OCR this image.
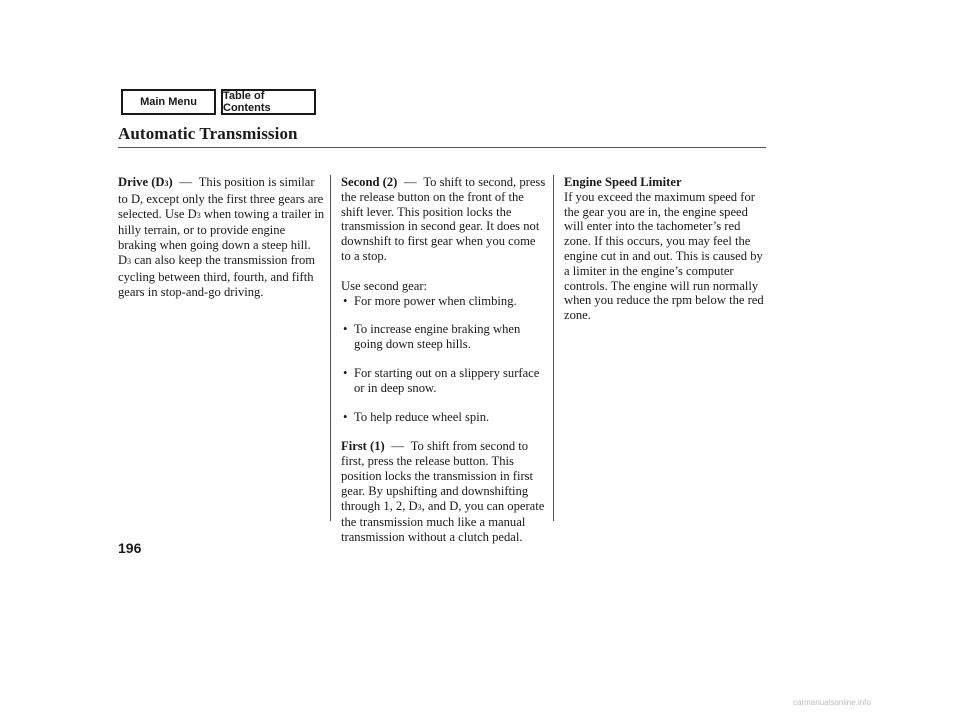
Main Menu	Table of Contents
Automatic Transmission

Drive (D3) — This position is similar to D, except only the first three gears are selected. Use D3 when towing a trailer in hilly terrain, or to provide engine braking when going down a steep hill. D3 can also keep the transmission from cycling between third, fourth, and fifth gears in stop-and-go driving.

Second (2) — To shift to second, press the release button on the front of the shift lever. This position locks the transmission in second gear. It does not downshift to first gear when you come to a stop.

Use second gear:

• For more power when climbing.
• To increase engine braking when going down steep hills.
• For starting out on a slippery surface or in deep snow.
• To help reduce wheel spin.

First (1) — To shift from second to first, press the release button. This position locks the transmission in first gear. By upshifting and downshifting through 1, 2, D3, and D, you can operate the transmission much like a manual transmission without a clutch pedal.

Engine Speed Limiter

If you exceed the maximum speed for the gear you are in, the engine speed will enter into the tachometer’s red zone. If this occurs, you may feel the engine cut in and out. This is caused by a limiter in the engine’s computer controls. The engine will run normally when you reduce the rpm below the red zone.

196
carmanualsonline.info
